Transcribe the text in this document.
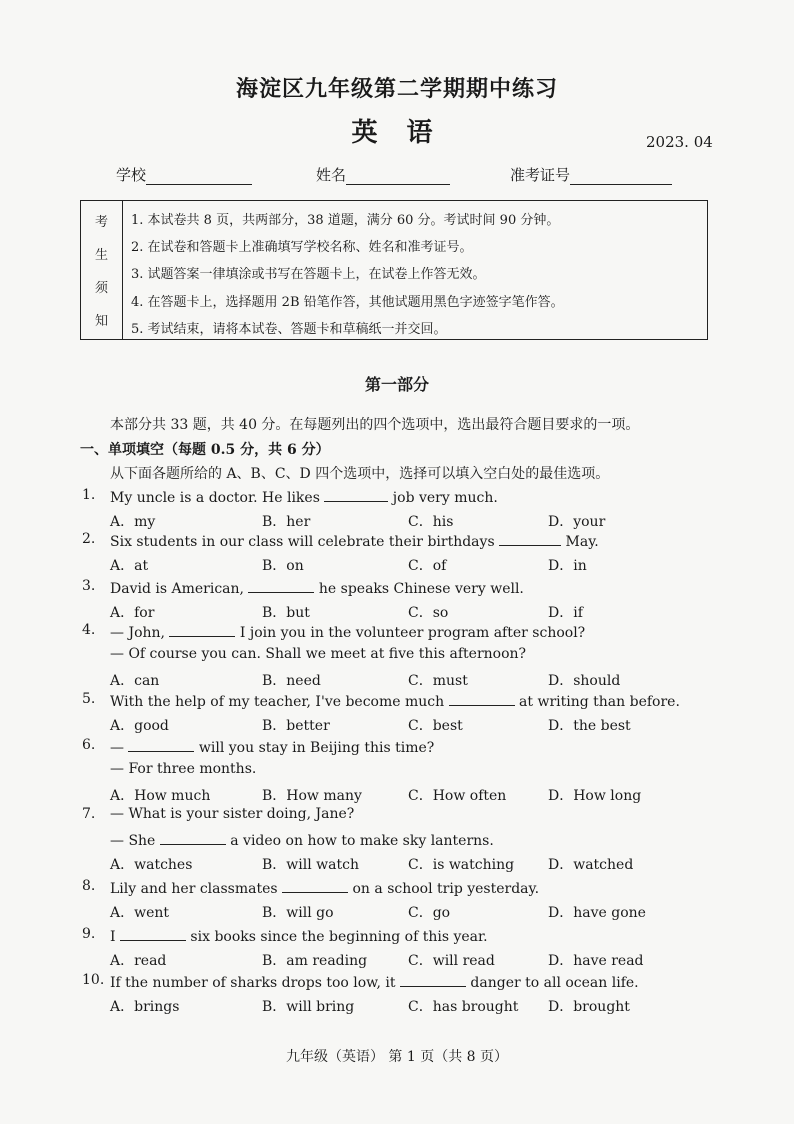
海淀区九年级第二学期期中练习
英 语	2023. 04
学校	姓名	准考证号
考
生
须
知
1. 本试卷共 8 页，共两部分，38 道题，满分 60 分。考试时间 90 分钟。
2. 在试卷和答题卡上准确填写学校名称、姓名和准考证号。
3. 试题答案一律填涂或书写在答题卡上，在试卷上作答无效。
4. 在答题卡上，选择题用 2B 铅笔作答，其他试题用黑色字迹签字笔作答。
5. 考试结束，请将本试卷、答题卡和草稿纸一并交回。
第一部分
本部分共 33 题，共 40 分。在每题列出的四个选项中，选出最符合题目要求的一项。
一、单项填空（每题 0.5 分，共 6 分）
从下面各题所给的 A、B、C、D 四个选项中，选择可以填入空白处的最佳选项。
1. My uncle is a doctor. He likes	job very much.
A．my	B．her	C．his	D．your
2. Six students in our class will celebrate their birthdays	May.
A．at	B．on	C．of	D．in
3. David is American,	he speaks Chinese very well.
A．for	B．but	C．so	D．if
4. — John,	I join you in the volunteer program after school?
— Of course you can. Shall we meet at five this afternoon?
A．can	B．need	C．must	D．should
5. With the help of my teacher, I've become much	at writing than before.
A．good	B．better	C．best	D．the best
6. —	will you stay in Beijing this time?
— For three months.
A．How much	B．How many	C．How often	D．How long
7. — What is your sister doing, Jane?
— She	a video on how to make sky lanterns.
A．watches	B．will watch	C．is watching D．watched
8. Lily and her classmates	on a school trip yesterday.
A．went	B．will go	C．go	D．have gone
9. I	six books since the beginning of this year.
A．read	B．am reading	C．will read	D．have read
10. If the number of sharks drops too low, it	danger to all ocean life.
A．brings	B．will bring	C．has brought D．brought
九年级（英语） 第 1 页（共 8 页）
